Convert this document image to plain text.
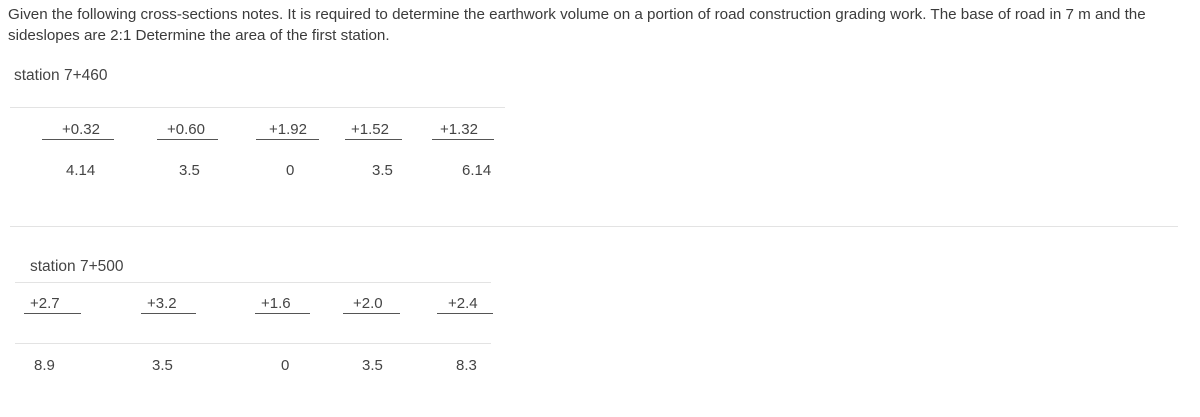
Given the following cross-sections notes. It is required to determine the earthwork volume on a portion of road construction grading work. The base of road in 7 m and the sideslopes are 2:1 Determine the area of the first station.

station 7+460
+0.32	+0.60	+1.92	+1.52	+1.32
4.14	3.5	0	3.5	6.14
station 7+500
+2.7	+3.2	+1.6	+2.0	+2.4
8.9	3.5	0	3.5	8.3
